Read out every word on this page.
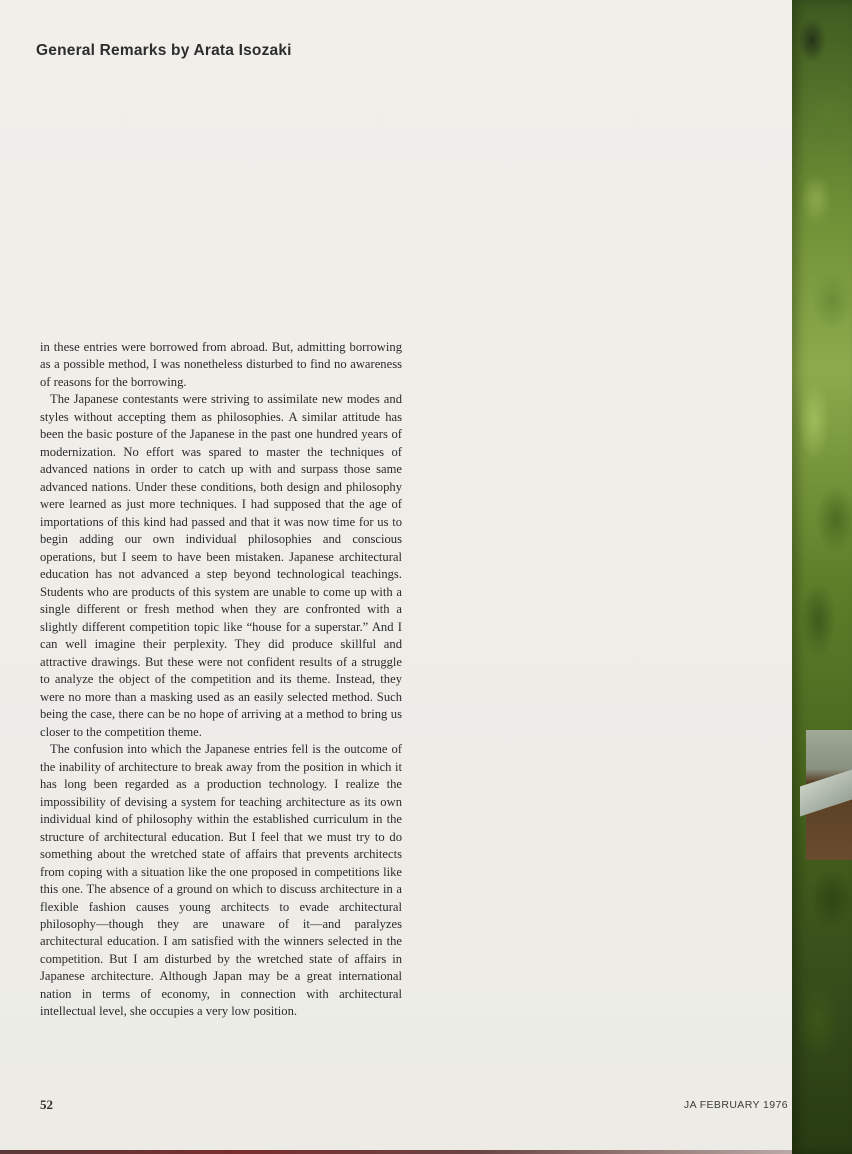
General Remarks by Arata Isozaki

in these entries were borrowed from abroad. But, admitting borrowing as a possible method, I was nonetheless disturbed to find no awareness of reasons for the borrowing.

The Japanese contestants were striving to assimilate new modes and styles without accepting them as philosophies. A similar attitude has been the basic posture of the Japanese in the past one hundred years of modernization. No effort was spared to master the techniques of advanced nations in order to catch up with and surpass those same advanced nations. Under these conditions, both design and philosophy were learned as just more techniques. I had supposed that the age of importations of this kind had passed and that it was now time for us to begin adding our own individual philosophies and conscious operations, but I seem to have been mistaken. Japanese architectural education has not advanced a step beyond technological teachings. Students who are products of this system are unable to come up with a single different or fresh method when they are confronted with a slightly different competition topic like “house for a superstar.” And I can well imagine their perplexity. They did produce skillful and attractive drawings. But these were not confident results of a struggle to analyze the object of the competition and its theme. Instead, they were no more than a masking used as an easily selected method. Such being the case, there can be no hope of arriving at a method to bring us closer to the competition theme.

The confusion into which the Japanese entries fell is the outcome of the inability of architecture to break away from the position in which it has long been regarded as a production technology. I realize the impossibility of devising a system for teaching architecture as its own individual kind of philosophy within the established curriculum in the structure of architectural education. But I feel that we must try to do something about the wretched state of affairs that prevents architects from coping with a situation like the one proposed in competitions like this one. The absence of a ground on which to discuss architecture in a flexible fashion causes young architects to evade architectural philosophy—though they are unaware of it—and paralyzes architectural education. I am satisfied with the winners selected in the competition. But I am disturbed by the wretched state of affairs in Japanese architecture. Although Japan may be a great international nation in terms of economy, in connection with architectural intellectual level, she occupies a very low position.

52	JA FEBRUARY 1976
